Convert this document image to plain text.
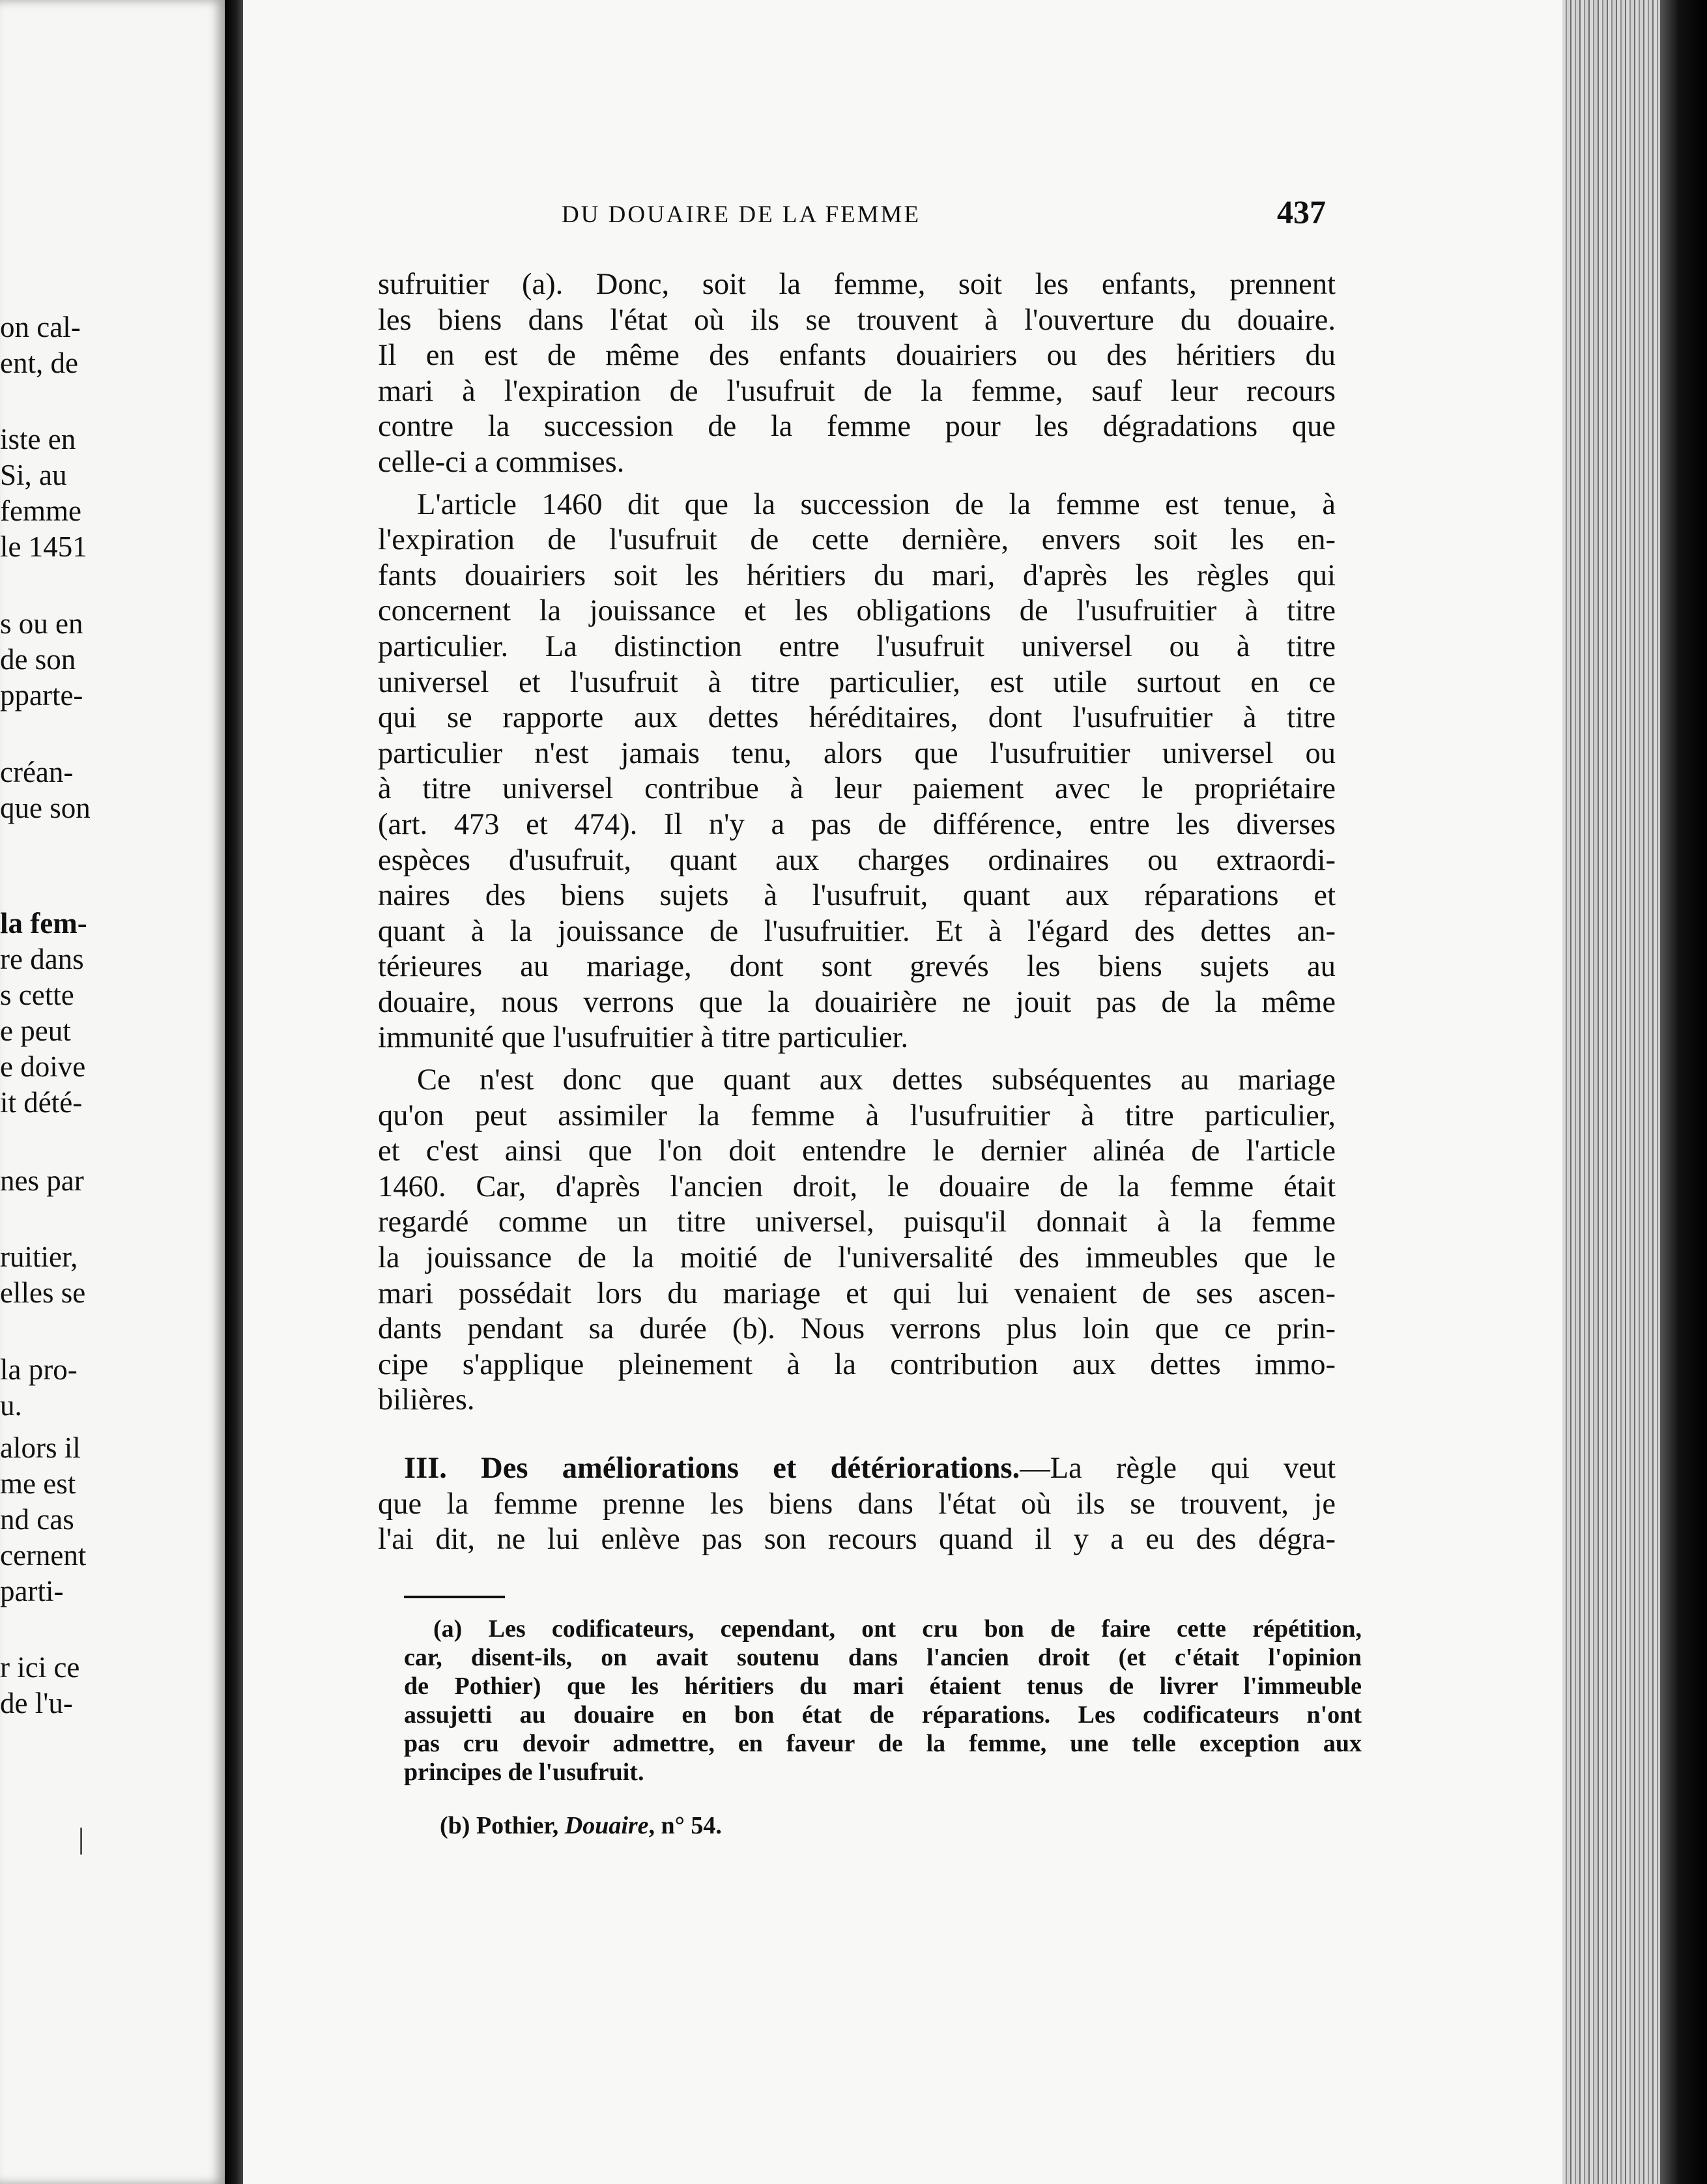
on cal-
ent, de
iste en
Si, au
femme
le 1451
s ou en
de son
pparte-
créan-
que son
la fem-
re dans
s cette
e peut
e doive
it dété-
nes par
ruitier,
elles se
la pro-
u.
alors il
me est
nd cas
cernent
parti-
r ici ce
de l'u-
|
DU DOUAIRE DE LA FEMME	437
sufruitier (a). Donc, soit la femme, soit les enfants, prennent
les biens dans l'état où ils se trouvent à l'ouverture du douaire.
Il en est de même des enfants douairiers ou des héritiers du
mari à l'expiration de l'usufruit de la femme, sauf leur recours
contre la succession de la femme pour les dégradations que
celle-ci a commises.
L'article 1460 dit que la succession de la femme est tenue, à
l'expiration de l'usufruit de cette dernière, envers soit les en-
fants douairiers soit les héritiers du mari, d'après les règles qui
concernent la jouissance et les obligations de l'usufruitier à titre
particulier. La distinction entre l'usufruit universel ou à titre
universel et l'usufruit à titre particulier, est utile surtout en ce
qui se rapporte aux dettes héréditaires, dont l'usufruitier à titre
particulier n'est jamais tenu, alors que l'usufruitier universel ou
à titre universel contribue à leur paiement avec le propriétaire
(art. 473 et 474). Il n'y a pas de différence, entre les diverses
espèces d'usufruit, quant aux charges ordinaires ou extraordi-
naires des biens sujets à l'usufruit, quant aux réparations et
quant à la jouissance de l'usufruitier. Et à l'égard des dettes an-
térieures au mariage, dont sont grevés les biens sujets au
douaire, nous verrons que la douairière ne jouit pas de la même
immunité que l'usufruitier à titre particulier.
Ce n'est donc que quant aux dettes subséquentes au mariage
qu'on peut assimiler la femme à l'usufruitier à titre particulier,
et c'est ainsi que l'on doit entendre le dernier alinéa de l'article
1460. Car, d'après l'ancien droit, le douaire de la femme était
regardé comme un titre universel, puisqu'il donnait à la femme
la jouissance de la moitié de l'universalité des immeubles que le
mari possédait lors du mariage et qui lui venaient de ses ascen-
dants pendant sa durée (b). Nous verrons plus loin que ce prin-
cipe s'applique pleinement à la contribution aux dettes immo-
bilières.
III. Des améliorations et détériorations.—La règle qui veut
que la femme prenne les biens dans l'état où ils se trouvent, je
l'ai dit, ne lui enlève pas son recours quand il y a eu des dégra-
(a) Les codificateurs, cependant, ont cru bon de faire cette répétition,
car, disent-ils, on avait soutenu dans l'ancien droit (et c'était l'opinion
de Pothier) que les héritiers du mari étaient tenus de livrer l'immeuble
assujetti au douaire en bon état de réparations. Les codificateurs n'ont
pas cru devoir admettre, en faveur de la femme, une telle exception aux
principes de l'usufruit.
(b) Pothier, Douaire, n° 54.
